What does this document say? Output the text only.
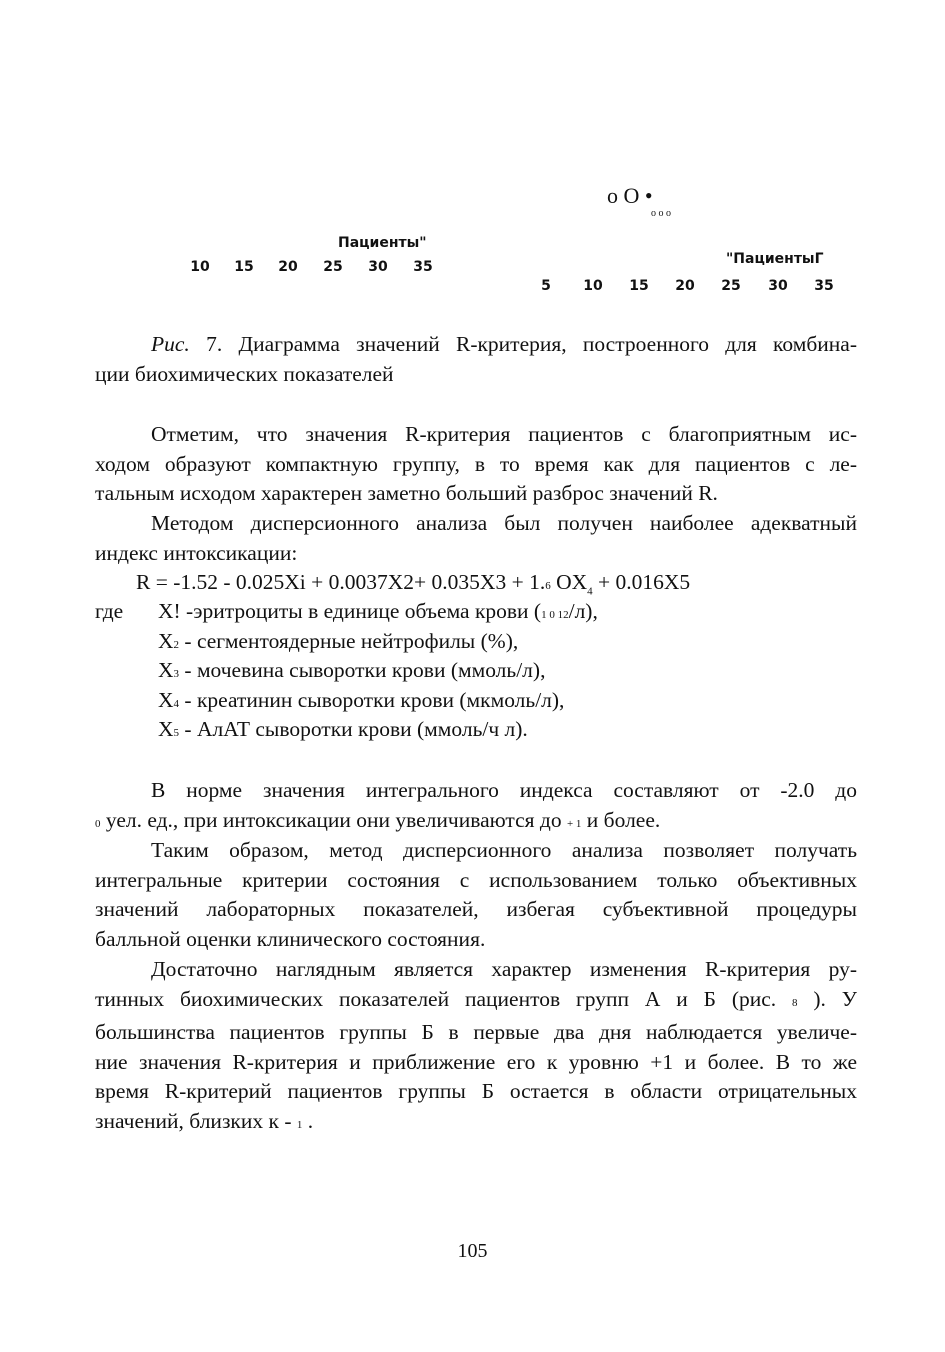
Пациенты"
10 15 20 25 30 35
o Ο •
o o o
"ПациентыГ
5 10 15 20 25 30 35
Рис. 7. Диаграмма значений R-критерия, построенного для комбина-
ции биохимических показателей
Отметим, что значения R-критерия пациентов с благоприятным ис-
ходом образуют компактную группу, в то время как для пациентов с ле-
тальным исходом характерен заметно больший разброс значений R.
Методом дисперсионного анализа был получен наиболее адекватный
индекс интоксикации:
R = -1.52 - 0.025Xi + 0.0037X2+ 0.035X3 + 1.6 $OX_4 + 0.016X5$
где X! -эритроциты в единице объема крови (1 0 12/л),
X2 - сегментоядерные нейтрофилы (%),
X3 - мочевина сыворотки крови (ммоль/л),
X4 - креатинин сыворотки крови (мкмоль/л),
X5 - АлАТ сыворотки крови (ммоль/ч л).
В норме значения интегрального индекса составляют от -2.0 до
0 уел. ед., при интоксикации они увеличиваются до + 1 и более.
Таким образом, метод дисперсионного анализа позволяет получать
интегральные критерии состояния с использованием только объективных
значений лабораторных показателей, избегая субъективной процедуры
балльной оценки клинического состояния.
Достаточно наглядным является характер изменения R-критерия ру-
тинных биохимических показателей пациентов групп А и Б (рис. 8 ). У
большинства пациентов группы Б в первые два дня наблюдается увеличе-
ние значения R-критерия и приближение его к уровню +1 и более. В то же
время R-критерий пациентов группы Б остается в области отрицательных
значений, близких к - 1 .
105
